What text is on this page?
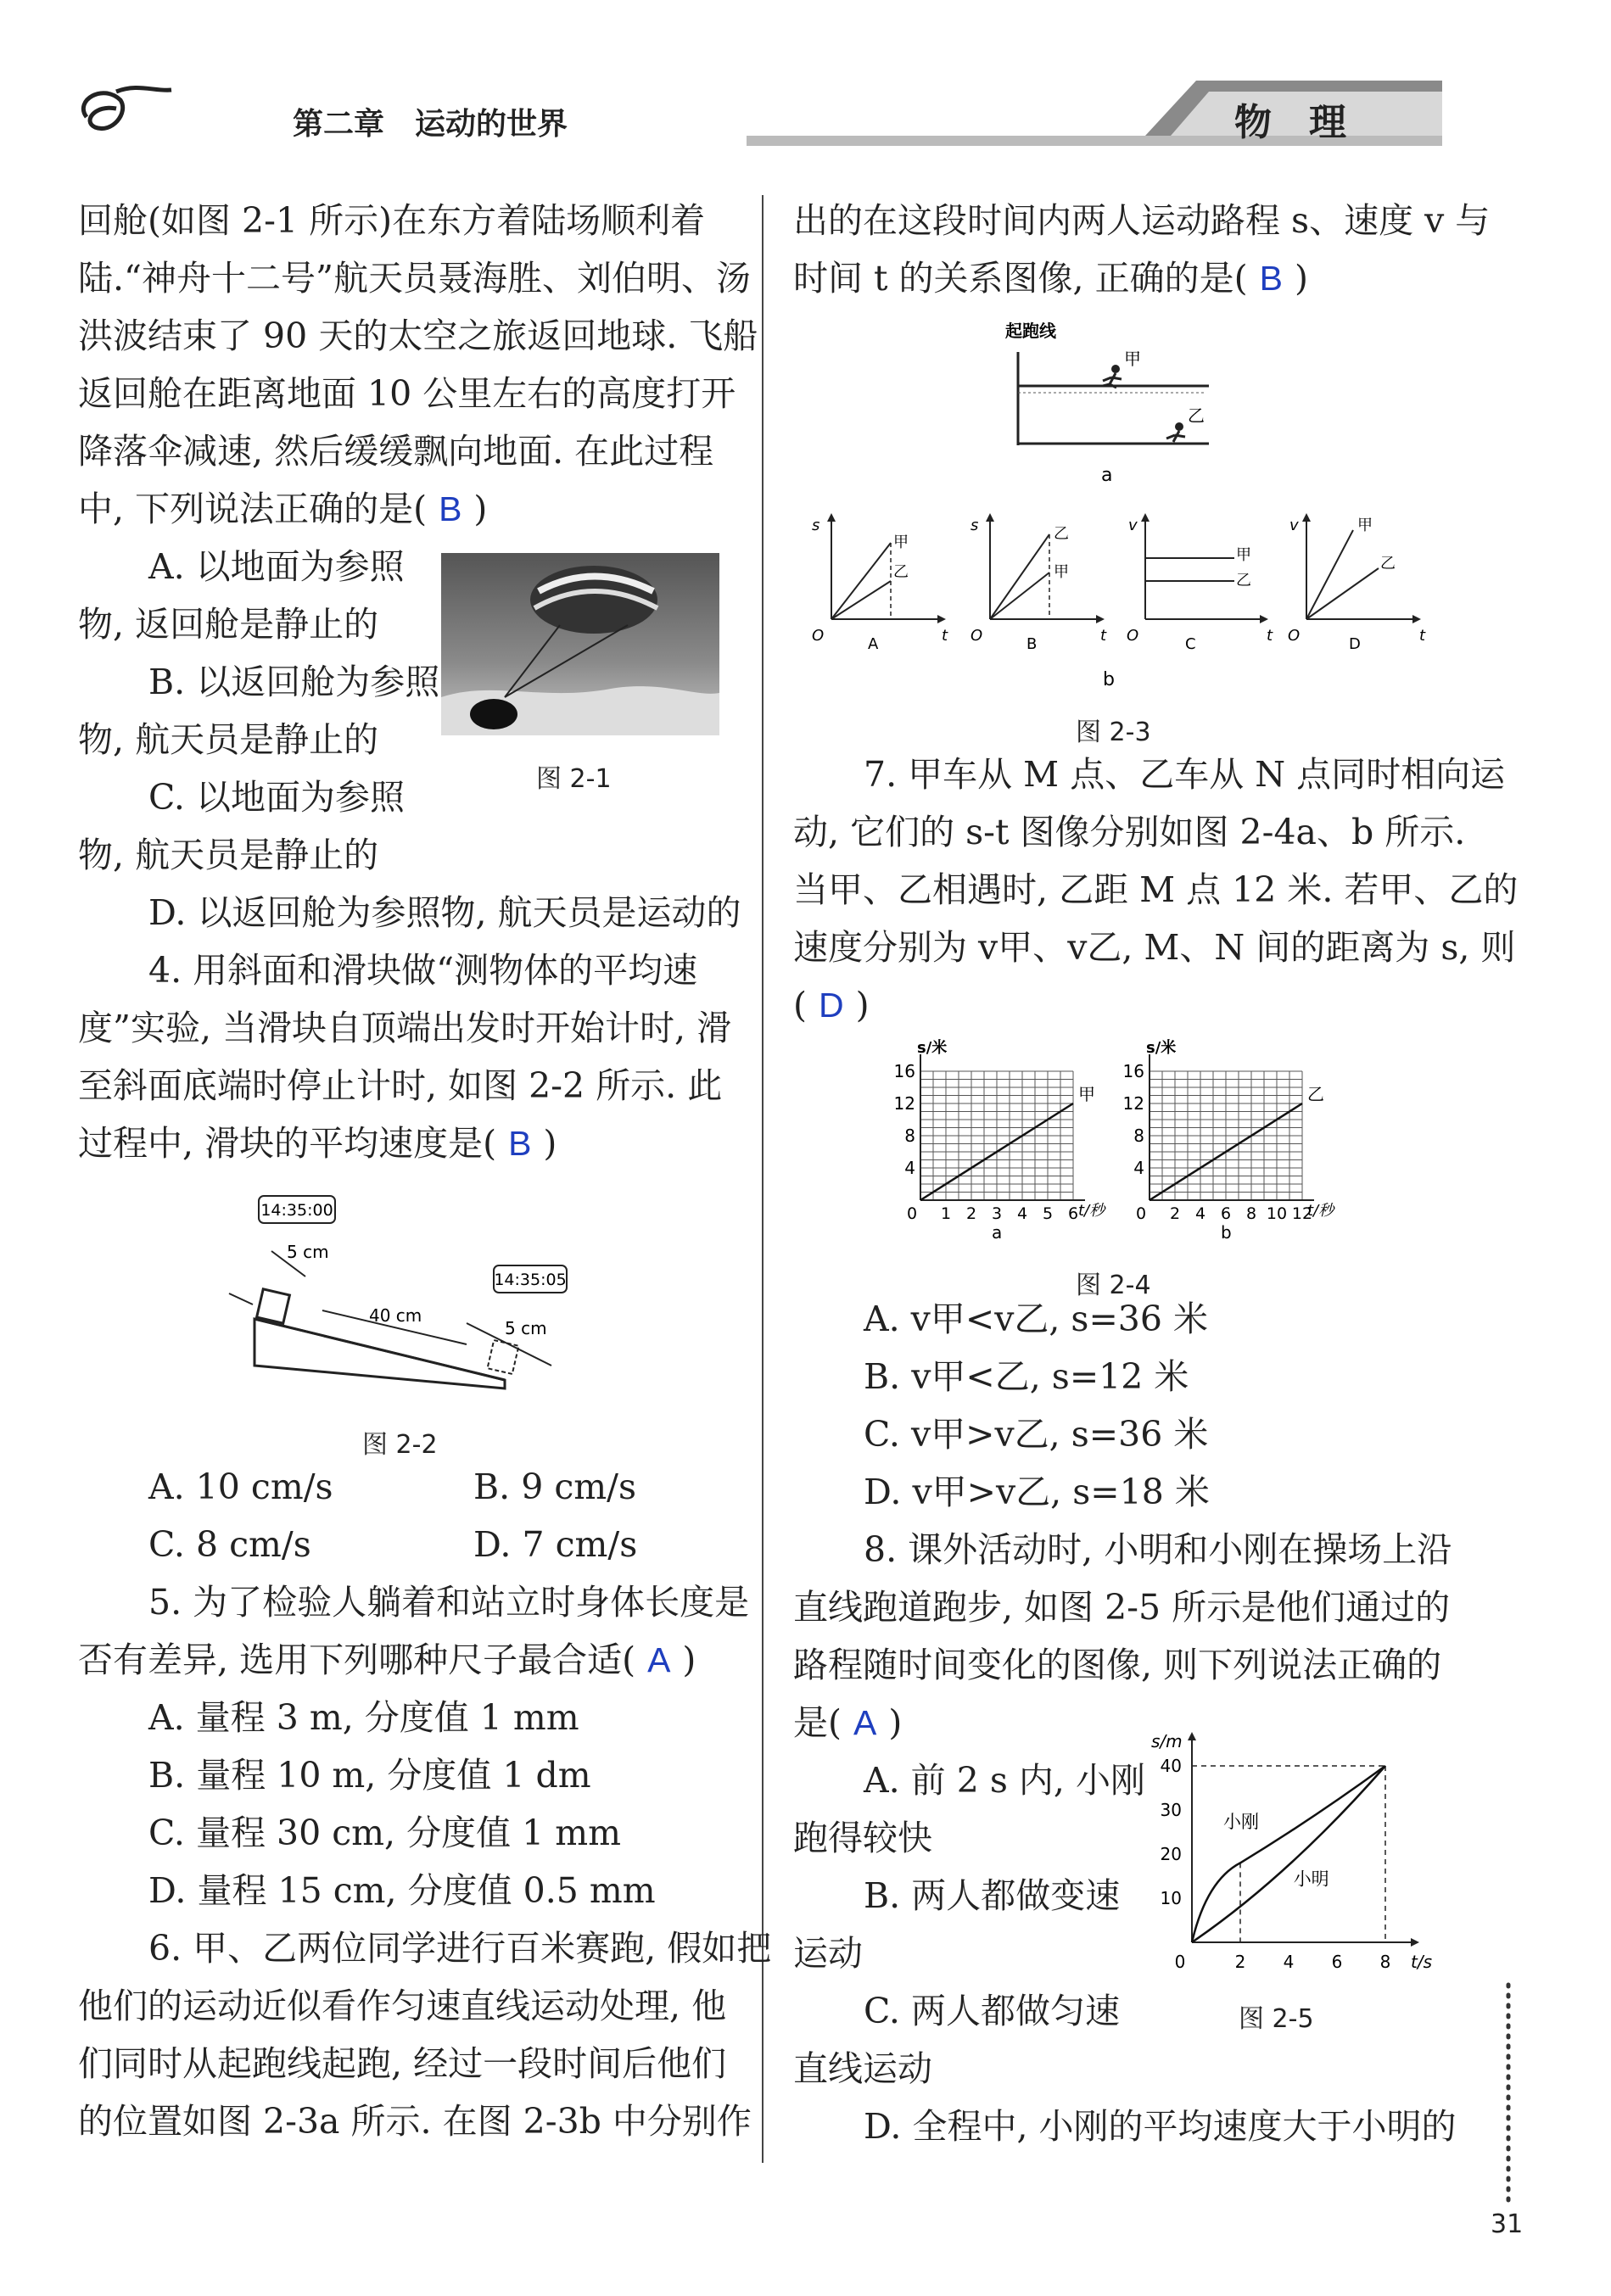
第二章　运动的世界	物　理
回舱(如图 2-1 所示)在东方着陆场顺利着
陆.“神舟十二号”航天员聂海胜、刘伯明、汤
洪波结束了 90 天的太空之旅返回地球. 飞船
返回舱在距离地面 10 公里左右的高度打开
降落伞减速, 然后缓缓飘向地面. 在此过程
中, 下列说法正确的是( B )
A. 以地面为参照
物, 返回舱是静止的
B. 以返回舱为参照
物, 航天员是静止的
C. 以地面为参照
物, 航天员是静止的
D. 以返回舱为参照物, 航天员是运动的
图 2-1
4. 用斜面和滑块做“测物体的平均速
度”实验, 当滑块自顶端出发时开始计时, 滑
至斜面底端时停止计时, 如图 2-2 所示. 此
过程中, 滑块的平均速度是( B )
14:35:00
5 cm
40 cm
14:35:05
5 cm
图 2-2
A. 10 cm/s	B. 9 cm/s
C. 8 cm/s	D. 7 cm/s
5. 为了检验人躺着和站立时身体长度是
否有差异, 选用下列哪种尺子最合适( A )
A. 量程 3 m, 分度值 1 mm
B. 量程 10 m, 分度值 1 dm
C. 量程 30 cm, 分度值 1 mm
D. 量程 15 cm, 分度值 0.5 mm
6. 甲、乙两位同学进行百米赛跑, 假如把
他们的运动近似看作匀速直线运动处理, 他
们同时从起跑线起跑, 经过一段时间后他们
的位置如图 2-3a 所示. 在图 2-3b 中分别作
出的在这段时间内两人运动路程 s、速度 v 与
时间 t 的关系图像, 正确的是( B )
起跑线
甲
乙
a
s
t
O
甲
乙
A
s
t
O
乙
甲
B
v
t
O
甲
乙
C
v
t
O
甲
乙
D
b
图 2-3
7. 甲车从 M 点、乙车从 N 点同时相向运
动, 它们的 s-t 图像分别如图 2-4a、b 所示.
当甲、乙相遇时, 乙距 M 点 12 米. 若甲、乙的
速度分别为 v甲、v乙, M、N 间的距离为 s, 则
( D )
s/米
t/秒
4
8
12
16
0 1 2 3 4 5 6
甲
a
s/米
t/秒
4
8
12
16
0 2 4 6 8 10 12
乙
b
图 2-4
A. v甲<v乙, s=36 米
B. v甲<乙, s=12 米
C. v甲>v乙, s=36 米
D. v甲>v乙, s=18 米
8. 课外活动时, 小明和小刚在操场上沿
直线跑道跑步, 如图 2-5 所示是他们通过的
路程随时间变化的图像, 则下列说法正确的
是( A )
A. 前 2 s 内, 小刚
跑得较快
B. 两人都做变速
运动
C. 两人都做匀速
直线运动
D. 全程中, 小刚的平均速度大于小明的
s/m
t/s
10
20
30
40
0	2 4 6 8
小刚
小明
图 2-5
31
